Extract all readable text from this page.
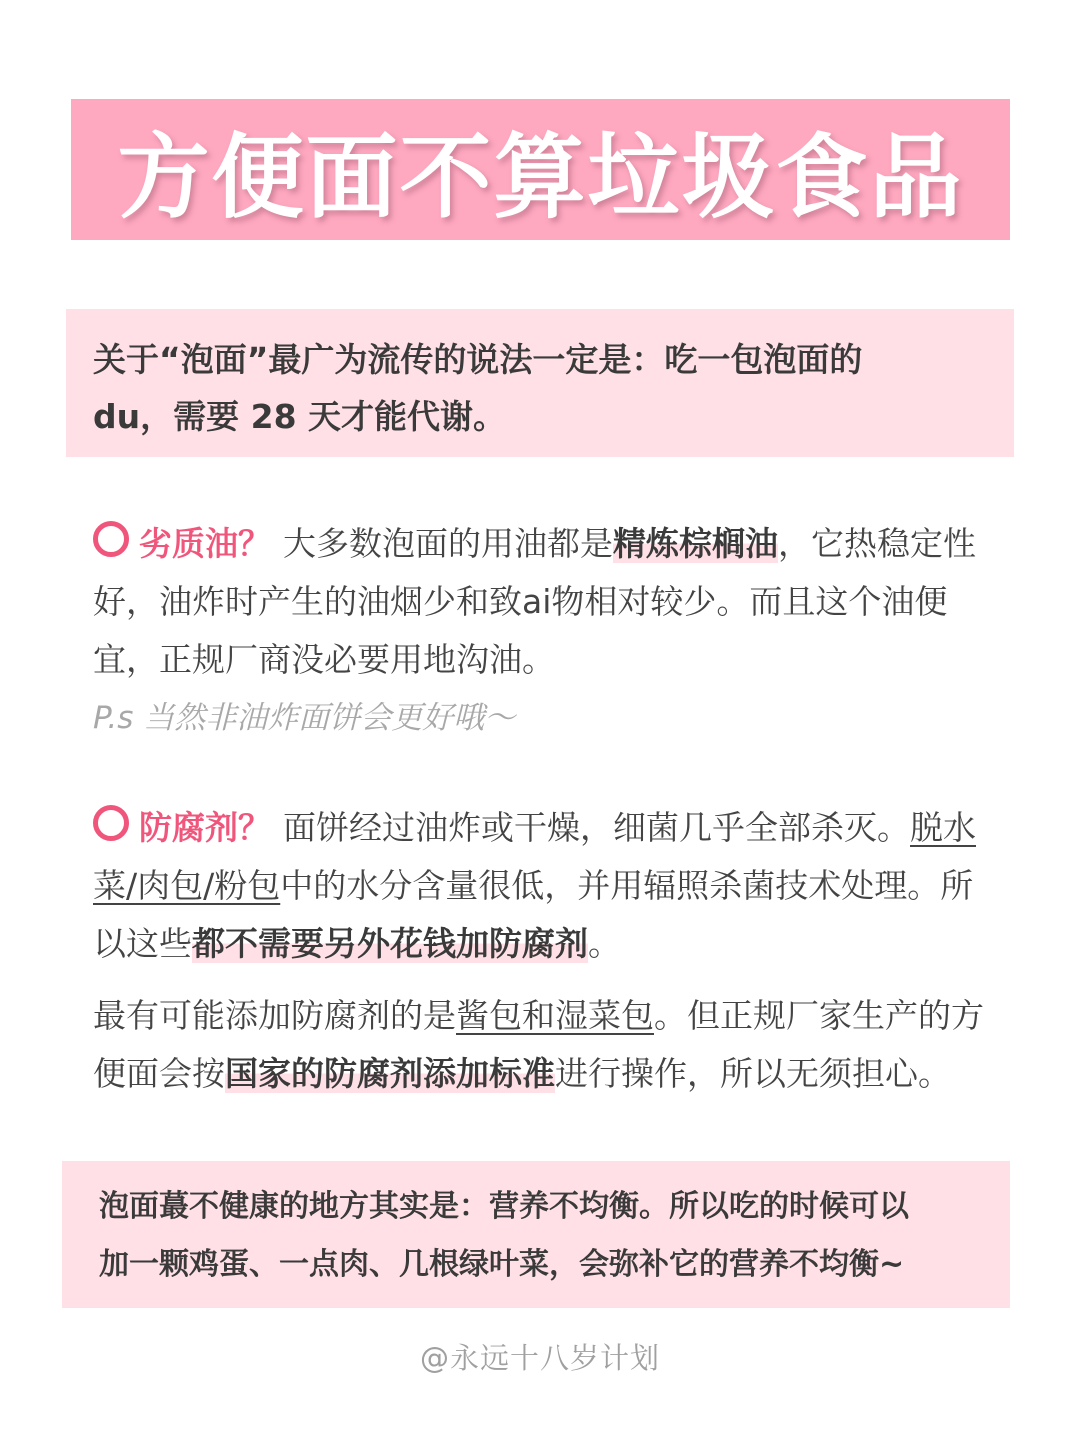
方便面不算垃圾食品

关于“泡面”最广为流传的说法一定是：吃一包泡面的
du，需要 28 天才能代谢。

劣质油？ 大多数泡面的用油都是精炼棕榈油，它热稳定性好，油炸时产生的油烟少和致ai物相对较少。而且这个油便宜，正规厂商没必要用地沟油。

P.s 当然非油炸面饼会更好哦～

防腐剂？ 面饼经过油炸或干燥，细菌几乎全部杀灭。脱水菜/肉包/粉包中的水分含量很低，并用辐照杀菌技术处理。所以这些都不需要另外花钱加防腐剂。

最有可能添加防腐剂的是酱包和湿菜包。但正规厂家生产的方便面会按国家的防腐剂添加标准进行操作，所以无须担心。

泡面蕞不健康的地方其实是：营养不均衡。所以吃的时候可以
加一颗鸡蛋、一点肉、几根绿叶菜，会弥补它的营养不均衡~

@永远十八岁计划
